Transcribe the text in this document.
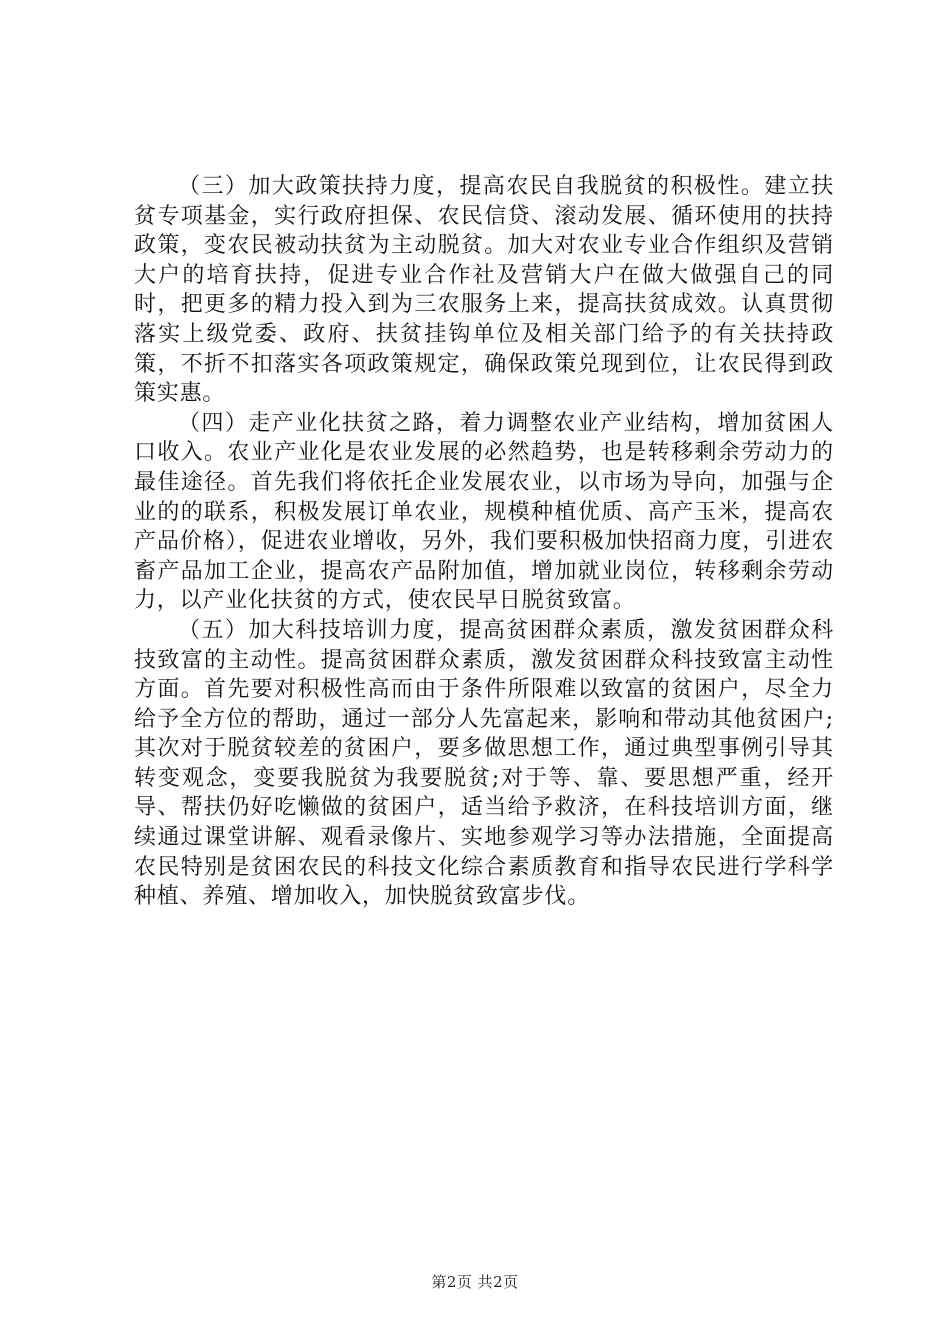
（三）加大政策扶持力度，提高农民自我脱贫的积极性。建立扶贫专项基金，实行政府担保、农民信贷、滚动发展、循环使用的扶持政策，变农民被动扶贫为主动脱贫。加大对农业专业合作组织及营销大户的培育扶持，促进专业合作社及营销大户在做大做强自己的同时，把更多的精力投入到为三农服务上来，提高扶贫成效。认真贯彻落实上级党委、政府、扶贫挂钩单位及相关部门给予的有关扶持政策，不折不扣落实各项政策规定，确保政策兑现到位，让农民得到政策实惠。

（四）走产业化扶贫之路，着力调整农业产业结构，增加贫困人口收入。农业产业化是农业发展的必然趋势，也是转移剩余劳动力的最佳途径。首先我们将依托企业发展农业，以市场为导向，加强与企业的的联系，积极发展订单农业，规模种植优质、高产玉米，提高农产品价格），促进农业增收，另外，我们要积极加快招商力度，引进农畜产品加工企业，提高农产品附加值，增加就业岗位，转移剩余劳动力，以产业化扶贫的方式，使农民早日脱贫致富。

（五）加大科技培训力度，提高贫困群众素质，激发贫困群众科技致富的主动性。提高贫困群众素质，激发贫困群众科技致富主动性方面。首先要对积极性高而由于条件所限难以致富的贫困户，尽全力给予全方位的帮助，通过一部分人先富起来，影响和带动其他贫困户;其次对于脱贫较差的贫困户，要多做思想工作，通过典型事例引导其转变观念，变要我脱贫为我要脱贫;对于等、靠、要思想严重，经开导、帮扶仍好吃懒做的贫困户，适当给予救济，在科技培训方面，继续通过课堂讲解、观看录像片、实地参观学习等办法措施，全面提高农民特别是贫困农民的科技文化综合素质教育和指导农民进行学科学种植、养殖、增加收入，加快脱贫致富步伐。

第2页 共2页
